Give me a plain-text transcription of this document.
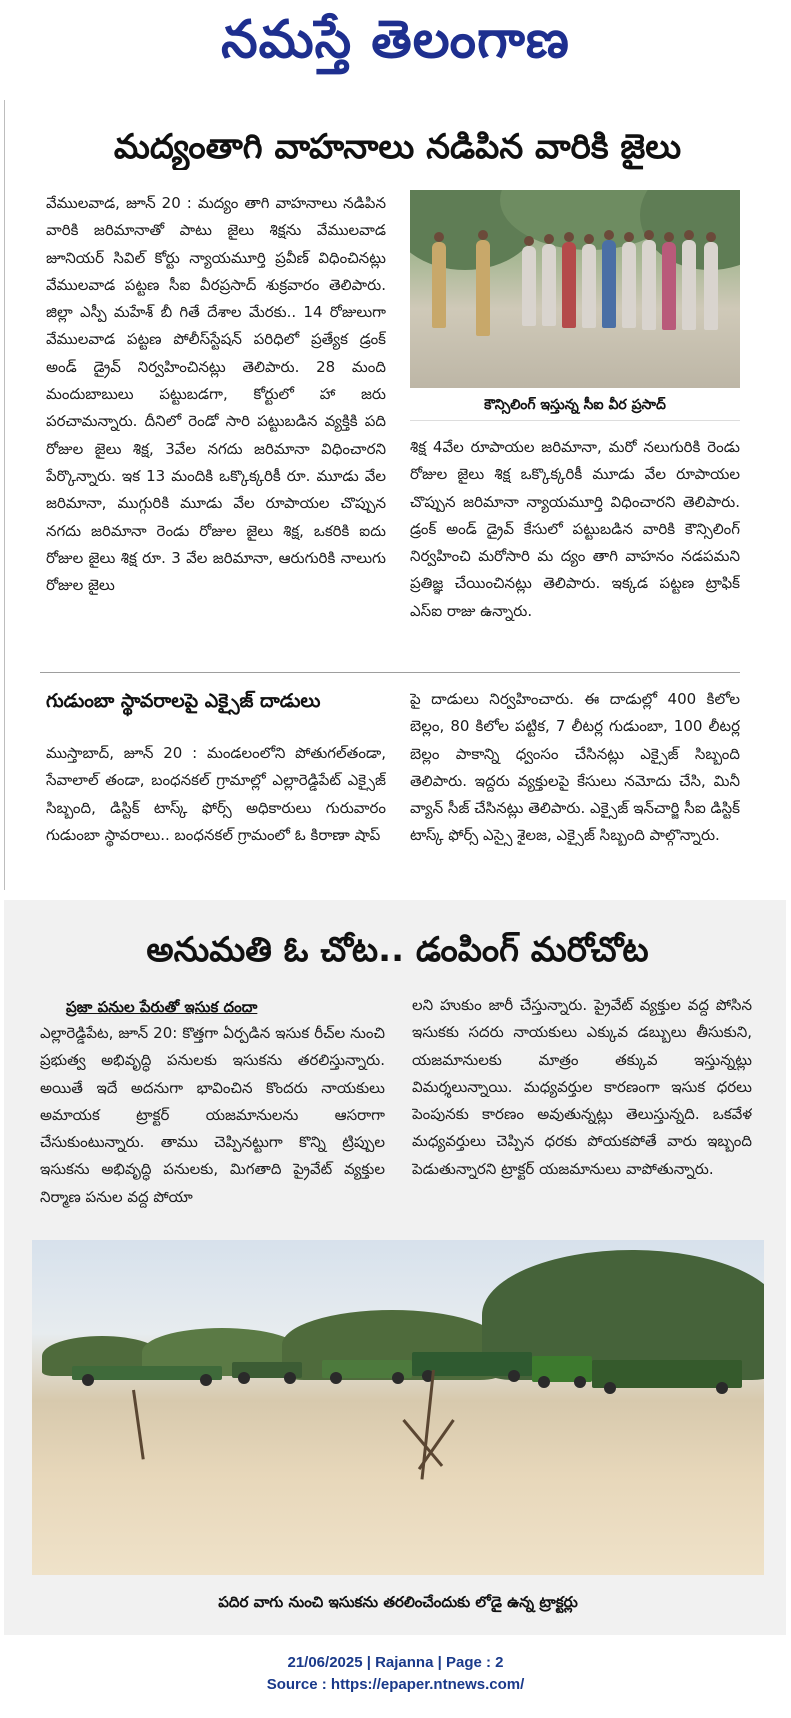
నమస్తే తెలంగాణ
మద్యంతాగి వాహనాలు నడిపిన వారికి జైలు
వేములవాడ, జూన్ 20 : మద్యం తాగి వాహనాలు నడిపిన వారికి జరిమానాతో పాటు జైలు శిక్షను వేములవాడ జూనియర్ సివిల్ కోర్టు న్యాయమూర్తి ప్రవీణ్ విధించినట్లు వేములవాడ పట్టణ సీఐ వీరప్రసాద్ శుక్రవారం తెలిపారు. జిల్లా ఎస్పీ మహేశ్ బీ గితే దేశాల మేరకు.. 14 రోజులుగా వేములవాడ పట్టణ పోలీస్‌స్టేషన్ పరిధిలో ప్రత్యేక డ్రంక్ అండ్ డ్రైవ్ నిర్వహించినట్లు తెలిపారు. 28 మంది మందుబాబులు పట్టుబడగా, కోర్టులో హా జరు పరచామన్నారు. దీనిలో రెండో సారి పట్టుబడిన వ్యక్తికి పది రోజుల జైలు శిక్ష, 3వేల నగదు జరిమానా విధించారని పేర్కొన్నారు. ఇక 13 మందికి ఒక్కొక్కరికీ రూ. మూడు వేల జరిమానా, ముగ్గురికి మూడు వేల రూపాయల చొప్పున నగదు జరిమానా రెండు రోజుల జైలు శిక్ష, ఒకరికి ఐదు రోజుల జైలు శిక్ష రూ. 3 వేల జరిమానా, ఆరుగురికి నాలుగు రోజుల జైలు
కౌన్సిలింగ్ ఇస్తున్న సీఐ వీర ప్రసాద్
శిక్ష 4వేల రూపాయల జరిమానా, మరో నలుగురికి రెండు రోజుల జైలు శిక్ష ఒక్కొక్కరికీ మూడు వేల రూపాయల చొప్పున జరిమానా న్యాయమూర్తి విధించారని తెలిపారు. డ్రంక్ అండ్ డ్రైవ్ కేసులో పట్టుబడిన వారికి కౌన్సిలింగ్ నిర్వహించి మరోసారి మ ద్యం తాగి వాహనం నడపమని ప్రతిజ్ఞ చేయించినట్లు తెలిపారు. ఇక్కడ పట్టణ ట్రాఫిక్ ఎస్ఐ రాజు ఉన్నారు.
గుడుంబా స్థావరాలపై ఎక్సైజ్ దాడులు
ముస్తాబాద్, జూన్ 20 : మండలంలోని పోతుగల్‌తండా, సేవాలాల్ తండా, బంధనకల్ గ్రామాల్లో ఎల్లారెడ్డిపేట్ ఎక్సైజ్ సిబ్బంది, డిస్టిక్ టాస్క్ ఫోర్స్ అధికారులు గురువారం గుడుంబా స్థావరాలు.. బంధనకల్ గ్రామంలో ఓ కిరాణా షాప్
పై దాడులు నిర్వహించారు. ఈ దాడుల్లో 400 కిలోల బెల్లం, 80 కిలోల పట్టిక, 7 లీటర్ల గుడుంబా, 100 లీటర్ల బెల్లం పాకాన్ని ధ్వంసం చేసినట్లు ఎక్సైజ్ సిబ్బంది తెలిపారు. ఇద్దరు వ్యక్తులపై కేసులు నమోదు చేసి, మినీ వ్యాన్ సీజ్ చేసినట్లు తెలిపారు. ఎక్సైజ్ ఇన్‌చార్జి సీఐ డిస్టిక్ టాస్క్ ఫోర్స్ ఎస్సై శైలజ, ఎక్సైజ్ సిబ్బంది పాల్గొన్నారు.
అనుమతి ఓ చోట.. డంపింగ్ మరోచోట
ప్రజా పనుల పేరుతో ఇసుక దందా
ఎల్లారెడ్డిపేట, జూన్ 20: కొత్తగా ఏర్పడిన ఇసుక రీచ్‌ల నుంచి ప్రభుత్వ అభివృద్ధి పనులకు ఇసుకను తరలిస్తున్నారు. అయితే ఇదే అదనుగా భావించిన కొందరు నాయకులు అమాయక ట్రాక్టర్ యజమానులను ఆసరాగా చేసుకుంటున్నారు. తాము చెప్పినట్టుగా కొన్ని ట్రిప్పుల ఇసుకను అభివృద్ధి పనులకు, మిగతాది ప్రైవేట్ వ్యక్తుల నిర్మాణ పనుల వద్ద పోయా
లని హుకుం జారీ చేస్తున్నారు. ప్రైవేట్ వ్యక్తుల వద్ద పోసిన ఇసుకకు సదరు నాయకులు ఎక్కువ డబ్బులు తీసుకుని, యజమానులకు మాత్రం తక్కువ ఇస్తున్నట్లు విమర్శలున్నాయి. మధ్యవర్తుల కారణంగా ఇసుక ధరలు పెంపునకు కారణం అవుతున్నట్లు తెలుస్తున్నది. ఒకవేళ మధ్యవర్తులు చెప్పిన ధరకు పోయకపోతే వారు ఇబ్బంది పెడుతున్నారని ట్రాక్టర్ యజమానులు వాపోతున్నారు.
పదిర వాగు నుంచి ఇసుకను తరలించేందుకు లోడై ఉన్న ట్రాక్టర్లు
21/06/2025 | Rajanna | Page : 2
Source : https://epaper.ntnews.com/
